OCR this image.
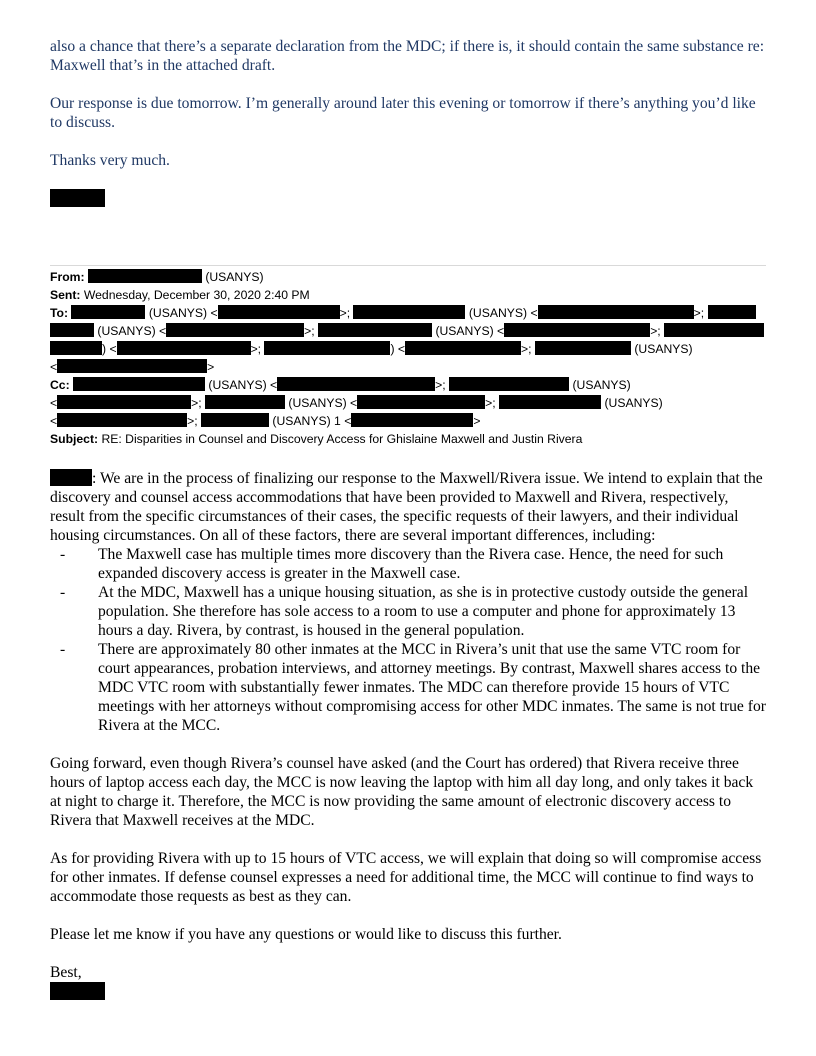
also a chance that there’s a separate declaration from the MDC; if there is, it should contain the same substance re: Maxwell that’s in the attached draft.

Our response is due tomorrow. I’m generally around later this evening or tomorrow if there’s anything you’d like to discuss.

Thanks very much.

From:	(USANYS)
Sent: Wednesday, December 30, 2020 2:40 PM
To:	(USANYS) <	>;	(USANYS) <	>;
(USANYS) <	>;	(USANYS) <	>;
) <	>;	) <	>;	(USANYS)
<	>
Cc:	(USANYS) <	>;	(USANYS)
<	>;	(USANYS) <	>;	(USANYS)
<	>;	(USANYS) 1 <	>
Subject: RE: Disparities in Counsel and Discovery Access for Ghislaine Maxwell and Justin Rivera
: We are in the process of finalizing our response to the Maxwell/Rivera issue. We intend to explain that the discovery and counsel access accommodations that have been provided to Maxwell and Rivera, respectively, result from the specific circumstances of their cases, the specific requests of their lawyers, and their individual housing circumstances. On all of these factors, there are several important differences, including:
- The Maxwell case has multiple times more discovery than the Rivera case. Hence, the need for such expanded discovery access is greater in the Maxwell case.
- At the MDC, Maxwell has a unique housing situation, as she is in protective custody outside the general population. She therefore has sole access to a room to use a computer and phone for approximately 13 hours a day. Rivera, by contrast, is housed in the general population.
- There are approximately 80 other inmates at the MCC in Rivera’s unit that use the same VTC room for court appearances, probation interviews, and attorney meetings. By contrast, Maxwell shares access to the MDC VTC room with substantially fewer inmates. The MDC can therefore provide 15 hours of VTC meetings with her attorneys without compromising access for other MDC inmates. The same is not true for Rivera at the MCC.

Going forward, even though Rivera’s counsel have asked (and the Court has ordered) that Rivera receive three hours of laptop access each day, the MCC is now leaving the laptop with him all day long, and only takes it back at night to charge it. Therefore, the MCC is now providing the same amount of electronic discovery access to Rivera that Maxwell receives at the MDC.

As for providing Rivera with up to 15 hours of VTC access, we will explain that doing so will compromise access for other inmates. If defense counsel expresses a need for additional time, the MCC will continue to find ways to accommodate those requests as best as they can.

Please let me know if you have any questions or would like to discuss this further.

Best,
